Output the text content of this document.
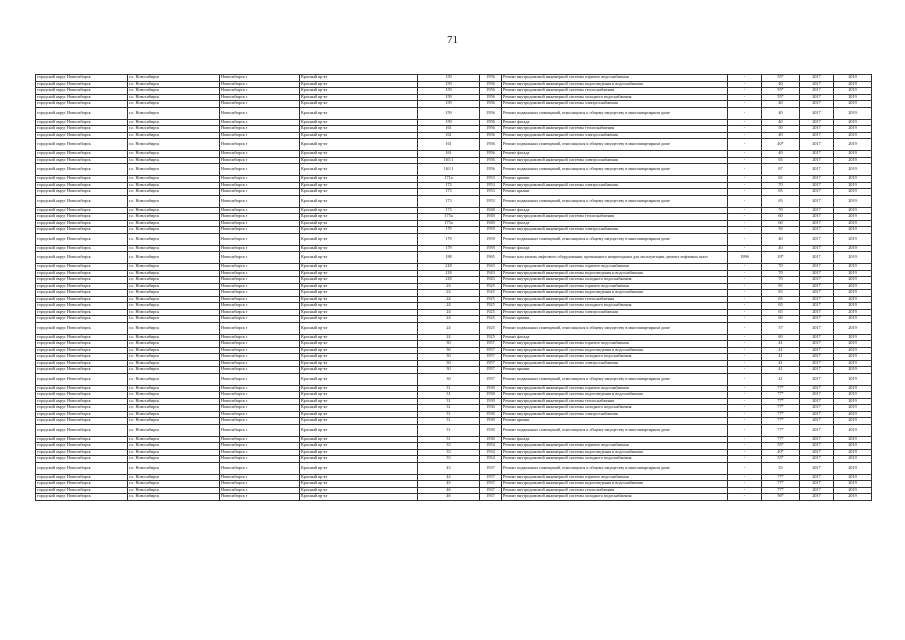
71
городской округ Новосибирск	г.о. Новосибирск	Новосибирск г	Красный пр-кт	159	1956	Ремонт внутридомовой инженерной системы горячего водоснабжения	-	55*	2017	2019
городской округ Новосибирск	г.о. Новосибирск	Новосибирск г	Красный пр-кт	159	1956	Ремонт внутридомовой инженерной системы водоотведения и водоснабжения	-	40	2017	2019
городской округ Новосибирск	г.о. Новосибирск	Новосибирск г	Красный пр-кт	159	1956	Ремонт внутридомовой инженерной системы теплоснабжения	-	55*	2017	2019
городской округ Новосибирск	г.о. Новосибирск	Новосибирск г	Красный пр-кт	159	1956	Ремонт внутридомовой инженерной системы холодного водоснабжения	-	55*	2017	2019
городской округ Новосибирск	г.о. Новосибирск	Новосибирск г	Красный пр-кт	159	1956	Ремонт внутридомовой инженерной системы электроснабжения	-	40	2017	2019
городской округ Новосибирск	г.о. Новосибирск	Новосибирск г	Красный пр-кт	159	1956	Ремонт подвальных помещений, относящихся к общему имуществу в многоквартирном доме	-	40	2017	2019
городской округ Новосибирск	г.о. Новосибирск	Новосибирск г	Красный пр-кт	159	1956	Ремонт фасада	-	40	2017	2019
городской округ Новосибирск	г.о. Новосибирск	Новосибирск г	Красный пр-кт	161	1956	Ремонт внутридомовой инженерной системы теплоснабжения	-	50	2017	2019
городской округ Новосибирск	г.о. Новосибирск	Новосибирск г	Красный пр-кт	161	1956	Ремонт внутридомовой инженерной системы электроснабжения	-	40	2017	2019
городской округ Новосибирск	г.о. Новосибирск	Новосибирск г	Красный пр-кт	161	1956	Ремонт подвальных помещений, относящихся к общему имуществу в многоквартирном доме	-	40*	2017	2019
городской округ Новосибирск	г.о. Новосибирск	Новосибирск г	Красный пр-кт	161	1956	Ремонт фасада	-	40	2017	2019
городской округ Новосибирск	г.о. Новосибирск	Новосибирск г	Красный пр-кт	161/1	1956	Ремонт внутридомовой инженерной системы электроснабжения	-	65	2017	2019
городской округ Новосибирск	г.о. Новосибирск	Новосибирск г	Красный пр-кт	161/1	1956	Ремонт подвальных помещений, относящихся к общему имуществу в многоквартирном доме	-	87	2017	2019
городской округ Новосибирск	г.о. Новосибирск	Новосибирск г	Красный пр-кт	171а	1953	Ремонт крыши	-	65	2017	2019
городской округ Новосибирск	г.о. Новосибирск	Новосибирск г	Красный пр-кт	173	1953	Ремонт внутридомовой инженерной системы электроснабжения	-	70	2017	2019
городской округ Новосибирск	г.о. Новосибирск	Новосибирск г	Красный пр-кт	173	1953	Ремонт крыши	-	65	2017	2019
городской округ Новосибирск	г.о. Новосибирск	Новосибирск г	Красный пр-кт	173	1953	Ремонт подвальных помещений, относящихся к общему имуществу в многоквартирном доме	-	65	2017	2019
городской округ Новосибирск	г.о. Новосибирск	Новосибирск г	Красный пр-кт	173	1948	Ремонт фасада	-	70	2017	2019
городской округ Новосибирск	г.о. Новосибирск	Новосибирск г	Красный пр-кт	175а	1949	Ремонт внутридомовой инженерной системы теплоснабжения	-	60	2017	2019
городской округ Новосибирск	г.о. Новосибирск	Новосибирск г	Красный пр-кт	175а	1949	Ремонт фасада	-	60	2017	2019
городской округ Новосибирск	г.о. Новосибирск	Новосибирск г	Красный пр-кт	179	1959	Ремонт внутридомовой инженерной системы электроснабжения	-	50	2017	2019
городской округ Новосибирск	г.о. Новосибирск	Новосибирск г	Красный пр-кт	179	1959	Ремонт подвальных помещений, относящихся к общему имуществу в многоквартирном доме	-	40	2017	2019
городской округ Новосибирск	г.о. Новосибирск	Новосибирск г	Красный пр-кт	179	1959	Ремонт фасада	-	40	2017	2019
городской округ Новосибирск	г.о. Новосибирск	Новосибирск г	Красный пр-кт	188	1965	Ремонт или замена лифтового оборудования, признанного непригодным для эксплуатации, ремонт лифтовых шахт	1996	29*	2017	2019
городской округ Новосибирск	г.о. Новосибирск	Новосибирск г	Красный пр-кт	218	1943	Ремонт внутридомовой инженерной системы горячего водоснабжения	-	70	2017	2019
городской округ Новосибирск	г.о. Новосибирск	Новосибирск г	Красный пр-кт	218	1943	Ремонт внутридомовой инженерной системы водоотведения и водоснабжения	-	70	2017	2019
городской округ Новосибирск	г.о. Новосибирск	Новосибирск г	Красный пр-кт	218	1943	Ремонт внутридомовой инженерной системы холодного водоснабжения	-	70	2017	2019
городской округ Новосибирск	г.о. Новосибирск	Новосибирск г	Красный пр-кт	24	1925	Ремонт внутридомовой инженерной системы горячего водоснабжения	-	65	2017	2019
городской округ Новосибирск	г.о. Новосибирск	Новосибирск г	Красный пр-кт	24	1925	Ремонт внутридомовой инженерной системы водоотведения и водоснабжения	-	65	2017	2019
городской округ Новосибирск	г.о. Новосибирск	Новосибирск г	Красный пр-кт	24	1925	Ремонт внутридомовой инженерной системы теплоснабжения	-	65	2017	2019
городской округ Новосибирск	г.о. Новосибирск	Новосибирск г	Красный пр-кт	24	1925	Ремонт внутридомовой инженерной системы холодного водоснабжения	-	65	2017	2019
городской округ Новосибирск	г.о. Новосибирск	Новосибирск г	Красный пр-кт	24	1925	Ремонт внутридомовой инженерной системы электроснабжения	-	65	2017	2019
городской округ Новосибирск	г.о. Новосибирск	Новосибирск г	Красный пр-кт	24	1925	Ремонт крыши	-	60	2017	2019
городской округ Новосибирск	г.о. Новосибирск	Новосибирск г	Красный пр-кт	24	1925	Ремонт подвальных помещений, относящихся к общему имуществу в многоквартирном доме	-	57	2017	2019
городской округ Новосибирск	г.о. Новосибирск	Новосибирск г	Красный пр-кт	24	1925	Ремонт фасада	-	60	2017	2019
городской округ Новосибирск	г.о. Новосибирск	Новосибирск г	Красный пр-кт	30	1957	Ремонт внутридомовой инженерной системы горячего водоснабжения	-	41	2017	2019
городской округ Новосибирск	г.о. Новосибирск	Новосибирск г	Красный пр-кт	30	1957	Ремонт внутридомовой инженерной системы водоотведения и водоснабжения	-	41	2017	2019
городской округ Новосибирск	г.о. Новосибирск	Новосибирск г	Красный пр-кт	30	1957	Ремонт внутридомовой инженерной системы холодного водоснабжения	-	41	2017	2019
городской округ Новосибирск	г.о. Новосибирск	Новосибирск г	Красный пр-кт	30	1957	Ремонт внутридомовой инженерной системы электроснабжения	-	41	2017	2019
городской округ Новосибирск	г.о. Новосибирск	Новосибирск г	Красный пр-кт	30	1957	Ремонт крыши	-	41	2017	2019
городской округ Новосибирск	г.о. Новосибирск	Новосибирск г	Красный пр-кт	30	1957	Ремонт подвальных помещений, относящихся к общему имуществу в многоквартирном доме	-	41	2017	2019
городской округ Новосибирск	г.о. Новосибирск	Новосибирск г	Красный пр-кт	31	1930	Ремонт внутридомовой инженерной системы горячего водоснабжения	-	77*	2017	2019
городской округ Новосибирск	г.о. Новосибирск	Новосибирск г	Красный пр-кт	31	1930	Ремонт внутридомовой инженерной системы водоотведения и водоснабжения	-	77*	2017	2019
городской округ Новосибирск	г.о. Новосибирск	Новосибирск г	Красный пр-кт	31	1930	Ремонт внутридомовой инженерной системы теплоснабжения	-	77*	2017	2019
городской округ Новосибирск	г.о. Новосибирск	Новосибирск г	Красный пр-кт	31	1930	Ремонт внутридомовой инженерной системы холодного водоснабжения	-	77*	2017	2019
городской округ Новосибирск	г.о. Новосибирск	Новосибирск г	Красный пр-кт	31	1930	Ремонт внутридомовой инженерной системы электроснабжения	-	77*	2017	2019
городской округ Новосибирск	г.о. Новосибирск	Новосибирск г	Красный пр-кт	31	1930	Ремонт крыши	-	77*	2017	2019
городской округ Новосибирск	г.о. Новосибирск	Новосибирск г	Красный пр-кт	31	1930	Ремонт подвальных помещений, относящихся к общему имуществу в многоквартирном доме	-	77*	2017	2019
городской округ Новосибирск	г.о. Новосибирск	Новосибирск г	Красный пр-кт	31	1930	Ремонт фасада	-	77*	2017	2019
городской округ Новосибирск	г.о. Новосибирск	Новосибирск г	Красный пр-кт	33	1954	Ремонт внутридомовой инженерной системы горячего водоснабжения	-	55*	2017	2019
городской округ Новосибирск	г.о. Новосибирск	Новосибирск г	Красный пр-кт	33	1954	Ремонт внутридомовой инженерной системы водоотведения и водоснабжения	-	40*	2017	2019
городской округ Новосибирск	г.о. Новосибирск	Новосибирск г	Красный пр-кт	33	1954	Ремонт внутридомовой инженерной системы холодного водоснабжения	-	55*	2017	2019
городской округ Новосибирск	г.о. Новосибирск	Новосибирск г	Красный пр-кт	43	1937	Ремонт подвальных помещений, относящихся к общему имуществу в многоквартирном доме	-	55	2017	2019
городской округ Новосибирск	г.о. Новосибирск	Новосибирск г	Красный пр-кт	44	1937	Ремонт внутридомовой инженерной системы горячего водоснабжения	-	77*	2017	2019
городской округ Новосибирск	г.о. Новосибирск	Новосибирск г	Красный пр-кт	45	1937	Ремонт внутридомовой инженерной системы водоотведения и водоснабжения	-	77*	2017	2019
городской округ Новосибирск	г.о. Новосибирск	Новосибирск г	Красный пр-кт	46	1937	Ремонт внутридомовой инженерной системы теплоснабжения	-	77*	2017	2019
городской округ Новосибирск	г.о. Новосибирск	Новосибирск г	Красный пр-кт	46	1937	Ремонт внутридомовой инженерной системы холодного водоснабжения	-	56*	2017	2019
